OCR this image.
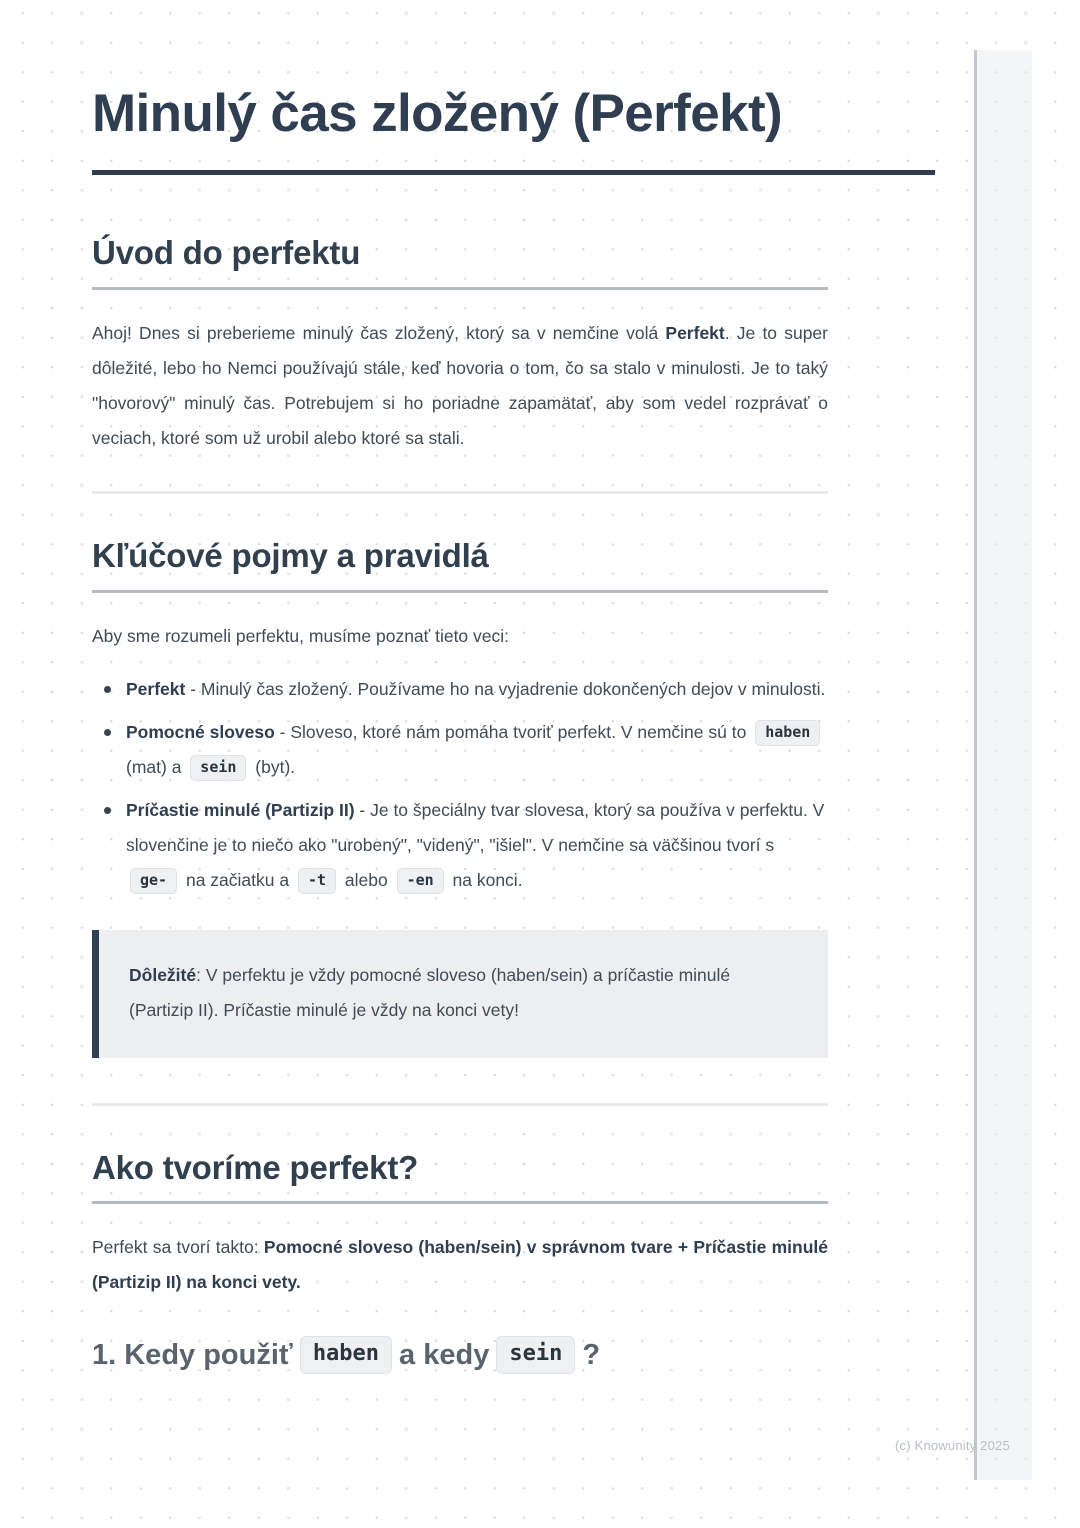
(c) Knowunity 2025
Minulý čas zložený (Perfekt)
Úvod do perfektu

Ahoj! Dnes si preberieme minulý čas zložený, ktorý sa v nemčine volá Perfekt. Je to super dôležité, lebo ho Nemci používajú stále, keď hovoria o tom, čo sa stalo v minulosti. Je to taký "hovorový" minulý čas. Potrebujem si ho poriadne zapamätať, aby som vedel rozprávať o veciach, ktoré som už urobil alebo ktoré sa stali.

Kľúčové pojmy a pravidlá

Aby sme rozumeli perfektu, musíme poznať tieto veci:

Perfekt - Minulý čas zložený. Používame ho na vyjadrenie dokončených dejov v minulosti.
Pomocné sloveso - Sloveso, ktoré nám pomáha tvoriť perfekt. V nemčine sú to haben (mat) a sein (byt).
Príčastie minulé (Partizip II) - Je to špeciálny tvar slovesa, ktorý sa používa v perfektu. V slovenčine je to niečo ako "urobený", "videný", "išiel". V nemčine sa väčšinou tvorí s ge- na začiatku a -t alebo -en na konci.

Dôležité: V perfektu je vždy pomocné sloveso (haben/sein) a príčastie minulé (Partizip II). Príčastie minulé je vždy na konci vety!

Ako tvoríme perfekt?

Perfekt sa tvorí takto: Pomocné sloveso (haben/sein) v správnom tvare + Príčastie minulé (Partizip II) na konci vety.

1. Kedy použiť haben a kedy sein ?
